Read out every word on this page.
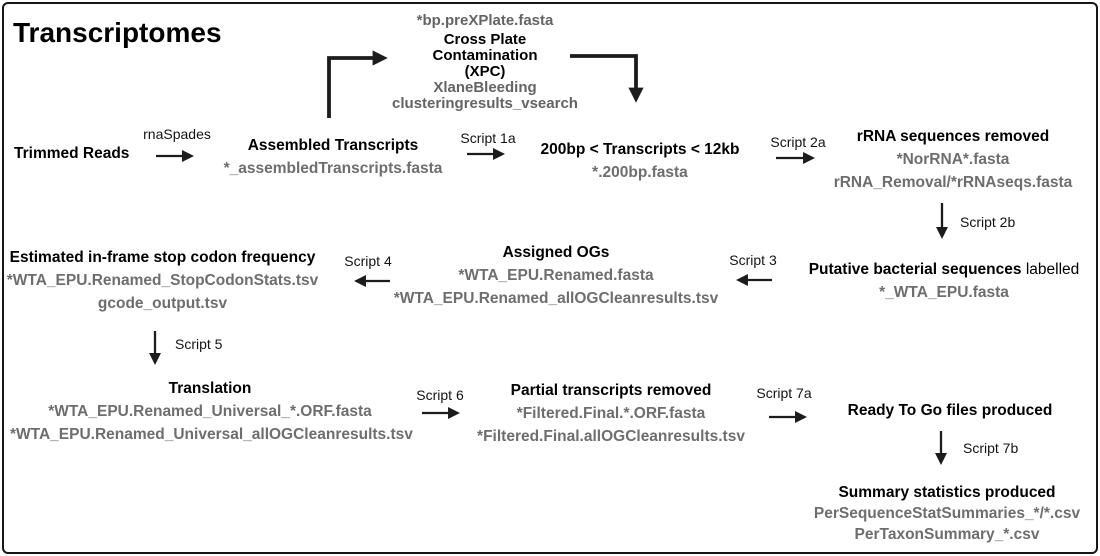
Transcriptomes	*bp.preXPlate.fasta
Cross Plate
Contamination
(XPC)
XlaneBleeding
clusteringresults_vsearch
Trimmed Reads	Assembled Transcripts
*_assembledTranscripts.fasta
200bp < Transcripts < 12kb
*.200bp.fasta
rRNA sequences removed
*NorRNA*.fasta
rRNA_Removal/*rRNAseqs.fasta
Putative bacterial sequences labelled
*_WTA_EPU.fasta
Assigned OGs
*WTA_EPU.Renamed.fasta
*WTA_EPU.Renamed_allOGCleanresults.tsv
Estimated in-frame stop codon frequency
*WTA_EPU.Renamed_StopCodonStats.tsv
gcode_output.tsv
Translation
*WTA_EPU.Renamed_Universal_*.ORF.fasta
*WTA_EPU.Renamed_Universal_allOGCleanresults.tsv
Partial transcripts removed
*Filtered.Final.*.ORF.fasta
*Filtered.Final.allOGCleanresults.tsv
Ready To Go files produced
Summary statistics produced
PerSequenceStatSummaries_*/*.csv
PerTaxonSummary_*.csv
rnaSpades	Script 1a	Script 2a
Script 2b
Script 3
Script 4
Script 5
Script 6	Script 7a
Script 7b
